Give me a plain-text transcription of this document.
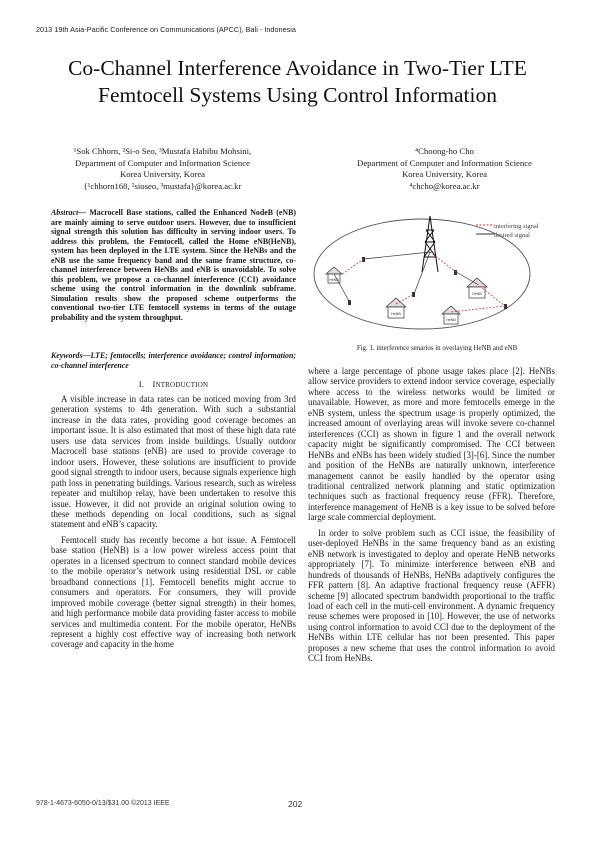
2013 19th Asia-Pacific Conference on Communications (APCC), Bali - Indonesia
Co-Channel Interference Avoidance in Two-Tier LTE
Femtocell Systems Using Control Information
¹Sok Chhorn, ²Si-o Seo, ³Mustafa Habibu Mohsini,
Department of Computer and Information Science
Korea University, Korea
{¹chhorn168, ²sioseo, ³mustafa}@korea.ac.kr
⁴Choong-ho Cho
Department of Computer and Information Science
Korea University, Korea
⁴chcho@korea.ac.kr
Abstract— Macrocell Base stations, called the Enhanced NodeB (eNB) are mainly aiming to serve outdoor users. However, due to insufficient signal strength this solution has difficulty in serving indoor users. To address this problem, the Femtocell, called the Home eNB(HeNB), system has been deployed in the LTE system. Since the HeNBs and the eNB use the same frequency band and the same frame structure, co-channel interference between HeNBs and eNB is unavoidable. To solve this problem, we propose a co-channel interference (CCI) avoidance scheme using the control information in the downlink subframe. Simulation results show the proposed scheme outperforms the conventional two-tier LTE femtocell systems in terms of the outage probability and the system throughput.
Keywords—LTE; femtocells; interference avoidance; control information; co-channel interference
I. INTRODUCTION

A visible increase in data rates can be noticed moving from 3rd generation systems to 4th generation. With such a substantial increase in the data rates, providing good coverage becomes an important issue. It is also estimated that most of these high data rate users use data services from inside buildings. Usually outdoor Macrocell base stations (eNB) are used to provide coverage to indoor users. However, these solutions are insufficient to provide good signal strength to indoor users, because signals experience high path loss in penetrating buildings. Various research, such as wireless repeater and multihop relay, have been undertaken to resolve this issue. However, it did not provide an original solution owing to these methods depending on local conditions, such as signal statement and eNB’s capacity.

Femtocell study has recently become a hot issue. A Femtocell base station (HeNB) is a low power wireless access point that operates in a licensed spectrum to connect standard mobile devices to the mobile operator’s network using residential DSL or cable broadband connections [1]. Femtocell benefits might accrue to consumers and operators. For consumers, they will provide improved mobile coverage (better signal strength) in their homes, and high performance mobile data providing faster access to mobile services and multimedia content. For the mobile operator, HeNBs represent a highly cost effective way of increasing both network coverage and capacity in the home

interfering signal
desired signal
HeNB
HeNB
HeNB
HeNB
Fig. 1. interference senarios in overlaying HeNB and eNB

where a large percentage of phone usage takes place [2]. HeNBs allow service providers to extend indoor service coverage, especially where access to the wireless networks would be limited or unavailable. However, as more and more femtocells emerge in the eNB system, unless the spectrum usage is properly optimized, the increased amount of overlaying areas will invoke severe co-channel interferences (CCI) as shown in figure 1 and the overall network capacity might be significantly compromised. The CCI between HeNBs and eNBs has been widely studied [3]-[6]. Since the number and position of the HeNBs are naturally unknown, interference management cannot be easily handled by the operator using traditional centralized network planning and static optimization techniques such as fractional frequency reuse (FFR). Therefore, interference management of HeNB is a key issue to be solved before large scale commercial deployment.

In order to solve problem such as CCI issue, the feasibility of user-deployed HeNBs in the same frequency band as an existing eNB network is investigated to deploy and operate HeNB networks appropriately [7]. To minimize interference between eNB and hundreds of thousands of HeNBs, HeNBs adaptively configures the FFR pattern [8]. An adaptive fractional frequency reuse (AFFR) scheme [9] allocated spectrum bandwidth proportional to the traffic load of each cell in the muti-cell environment. A dynamic frequency reuse schemes were proposed in [10]. However, the use of networks using control information to avoid CCI due to the deployment of the HeNBs within LTE cellular has not been presented. This paper proposes a new scheme that uses the control information to avoid CCI from HeNBs.

978-1-4673-6050-0/13/$31.00 ©2013 IEEE	202
